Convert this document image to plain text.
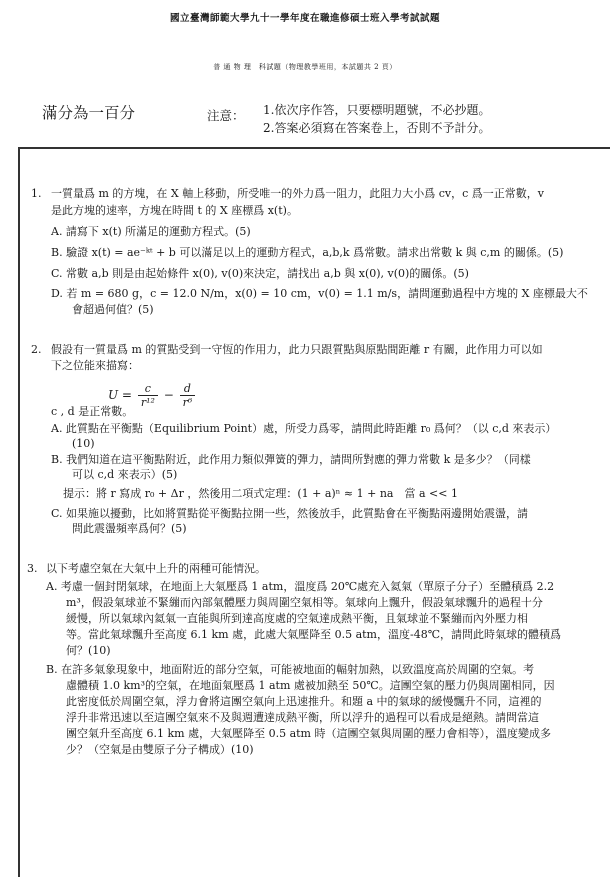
國立臺灣師範大學九十一學年度在職進修碩士班入學考試試題
普 通 物 理　科試題（物理教學班用，本試題共 2 頁）
滿分為一百分	注意： 1.依次序作答，只要標明題號，不必抄題。
2.答案必須寫在答案卷上，否則不予計分。
1. 一質量爲 m 的方塊，在 X 軸上移動，所受唯一的外力爲一阻力，此阻力大小爲 cv，c 爲一正常數，v
是此方塊的速率，方塊在時間 t 的 X 座標爲 x(t)。
A. 請寫下 x(t) 所滿足的運動方程式。(5)
B. 驗證 x(t) = ae⁻ᵏᵗ + b 可以滿足以上的運動方程式，a,b,k 爲常數。請求出常數 k 與 c,m 的關係。(5)
C. 常數 a,b 則是由起始條件 x(0), v(0)來決定，請找出 a,b 與 x(0), v(0)的關係。(5)
D. 若 m = 680 g，c = 12.0 N/m，x(0) = 10 cm，v(0) = 1.1 m/s，請問運動過程中方塊的 X 座標最大不
會超過何值？(5)
2. 假設有一質量爲 m 的質點受到一守恆的作用力，此力只跟質點與原點間距離 r 有關，此作用力可以如
下之位能來描寫：
$U = \frac{c}{\text{r¹²}} - \frac{d}{\text{r⁶}}$
c , d 是正常數。
A. 此質點在平衡點（Equilibrium Point）處，所受力爲零，請問此時距離 r₀ 爲何？（以 c,d 來表示）
(10)
B. 我們知道在這平衡點附近，此作用力類似彈簧的彈力，請問所對應的彈力常數 k 是多少？（同樣
可以 c,d 來表示）(5)
提示：將 r 寫成 r₀ + Δr ，然後用二項式定理：(1 + a)ⁿ ≈ 1 + na　當 a << 1
C. 如果施以擾動，比如將質點從平衡點拉開一些，然後放手，此質點會在平衡點兩邊開始震盪，請
問此震盪頻率爲何？(5)
3. 以下考慮空氣在大氣中上升的兩種可能情況。
A. 考慮一個封閉氣球，在地面上大氣壓爲 1 atm，溫度爲 20℃處充入氦氣（單原子分子）至體積爲 2.2
m³，假設氣球並不緊繃而內部氣體壓力與周圍空氣相等。氣球向上飄升，假設氣球飄升的過程十分
緩慢，所以氣球內氦氣一直能與所到達高度處的空氣達成熱平衡，且氣球並不緊繃而內外壓力相
等。當此氣球飄升至高度 6.1 km 處，此處大氣壓降至 0.5 atm，溫度-48℃，請問此時氣球的體積爲
何？(10)
B. 在許多氣象現象中，地面附近的部分空氣，可能被地面的輻射加熱，以致溫度高於周圍的空氣。考
慮體積 1.0 km³的空氣，在地面氣壓爲 1 atm 處被加熱至 50℃。這團空氣的壓力仍與周圍相同，因
此密度低於周圍空氣，浮力會將這團空氣向上迅速推升。和題 a 中的氣球的緩慢飄升不同，這裡的
浮升非常迅速以至這團空氣來不及與週遭達成熱平衡，所以浮升的過程可以看成是絕熱。請問當這
團空氣升至高度 6.1 km 處，大氣壓降至 0.5 atm 時（這團空氣與周圍的壓力會相等），溫度變成多
少？（空氣是由雙原子分子構成）(10)
